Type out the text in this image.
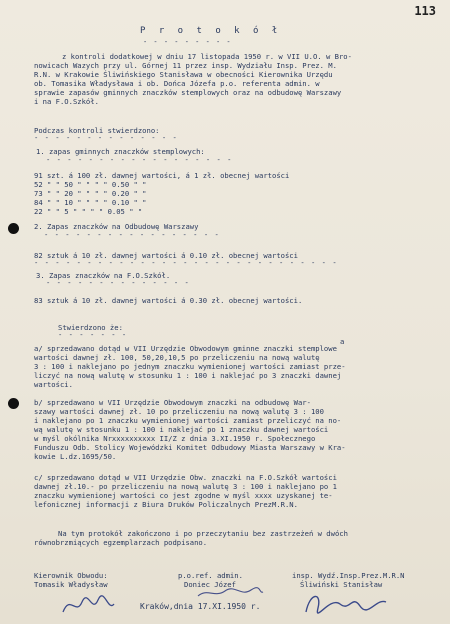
113
P r o t o k ó ł
- - - - - - - - -
z kontroli dodatkowej w dniu 17 listopada 1950 r. w VII U.O. w Bro-
nowicach Wazych przy ul. Górnej 11 przez insp. Wydziału Insp. Prez. M.
R.N. w Krakowie Śliwińskiego Stanisława w obecności Kierownika Urzędu
ob. Tomasika Władysława i ob. Dońca Józefa p.o. referenta admin. w
sprawie zapasów gminnych znaczków stemplowych oraz na odbudowę Warszawy
i na F.O.Szkół.
Podczas kontroli stwierdzono:
- - - - - - - - - - - - - -
1. zapas gminnych znaczków stemplowych:
- - - - - - - - - - - - - - - - - -
91 szt. á 100 zł. dawnej wartości, á 1 zł. obecnej wartości
52 " " 50 " " " " 0.50 " "
73 " " 20 " " " " 0.20 " "
84 " " 10 " " " " 0.10 " "
22 " " 5 " " " " 0.05 " "
2. Zapas znaczków na Odbudowę Warszawy
- - - - - - - - - - - - - - - - -
82 sztuk á 10 zł. dawnej wartości á 0.10 zł. obecnej wartości
- - - - - - - - - - - - - - - - - - - - - - - - - - - - -
3. Zapas znaczków na F.O.Szkół.
- - - - - - - - - - - - - -
83 sztuk á 10 zł. dawnej wartości á 0.30 zł. obecnej wartości.
Stwierdzono że:
- - - - - - -
a
a/ sprzedawano dotąd w VII Urzędzie Obwodowym gminne znaczki stemplowe
wartości dawnej zł. 100, 50,20,10,5 po przeliczeniu na nową walutę
3 : 100 i naklejano po jednym znaczku wymienionej wartości zamiast prze-
liczyć na nową walutę w stosunku 1 : 100 i naklejać po 3 znaczki dawnej
wartości.
b/ sprzedawano w VII Urzędzie Obwodowym znaczki na odbudowę War-
szawy wartości dawnej zł. 10 po przeliczeniu na nową walutę 3 : 100
i naklejano po 1 znaczku wymienionej wartości zamiast przeliczyć na no-
wą walutę w stosunku 1 : 100 i naklejać po 1 znaczku dawnej wartości
w myśl okólnika Nrxxxxxxxxxx II/Z z dnia 3.XI.1950 r. Społecznego
Funduszu Odb. Stolicy Wojewódzki Komitet Odbudowy Miasta Warszawy w Kra-
kowie L.dz.1695/50.
c/ sprzedawano dotąd w VII Urzędzie Obw. znaczki na F.O.Szkół wartości
dawnej zł.10.- po przeliczeniu na nową walutę 3 : 100 i naklejano po 1
znaczku wymienionej wartości co jest zgodne w myśl xxxx uzyskanej te-
lefonicznej informacji z Biura Druków Policzalnych PrezM.R.N.
Na tym protokół zakończono i po przeczytaniu bez zastrzeżeń w dwóch
równobrzmiących egzemplarzach podpisano.
Kierownik Obwodu:
Tomasik Władysław
p.o.ref. admin.
Doniec Józef
insp. Wydź.Insp.Prez.M.R.N
Śliwiński Stanisław
Kraków,dnia 17.XI.1950 r.
